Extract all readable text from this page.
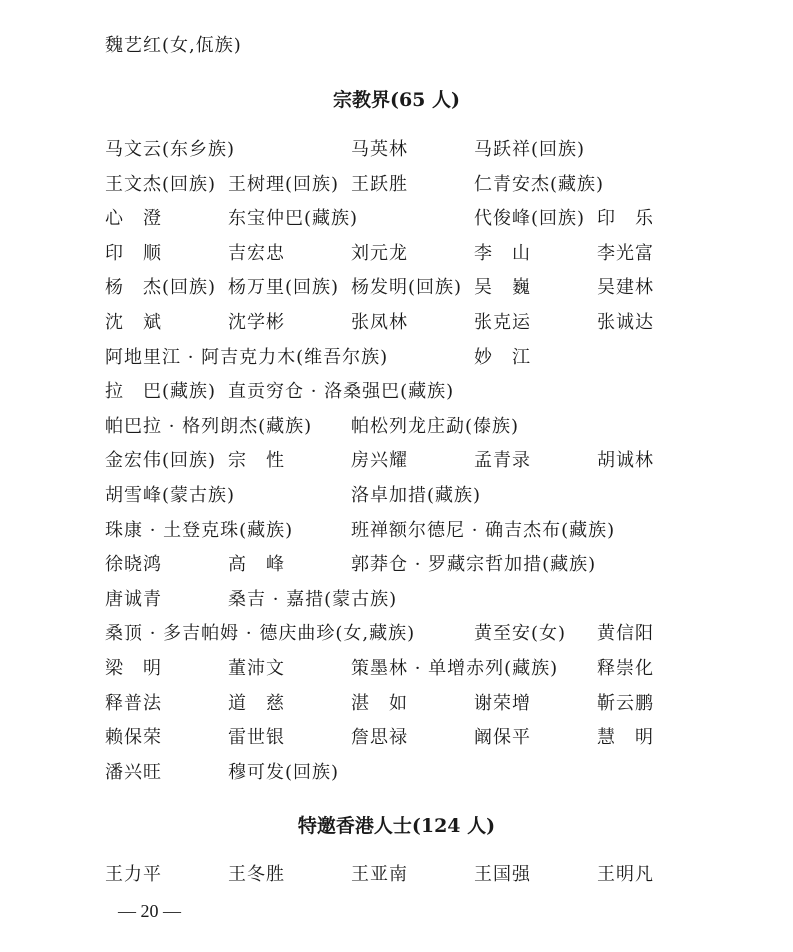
魏艺红(女,佤族)
宗教界(65 人)
马文云(东乡族)	马英林	马跃祥(回族)
王文杰(回族) 王树理(回族) 王跃胜	仁青安杰(藏族)
心　澄	东宝仲巴(藏族)	代俊峰(回族) 印　乐
印　顺	吉宏忠	刘元龙	李　山	李光富
杨　杰(回族) 杨万里(回族) 杨发明(回族) 吴　巍	吴建林
沈　斌	沈学彬	张凤林	张克运	张诚达
阿地里江 · 阿吉克力木(维吾尔族)	妙　江
拉　巴(藏族) 直贡穷仓 · 洛桑强巴(藏族)
帕巴拉 · 格列朗杰(藏族) 帕松列龙庄勐(傣族)
金宏伟(回族) 宗　性	房兴耀	孟青录	胡诚林
胡雪峰(蒙古族)	洛卓加措(藏族)
珠康 · 土登克珠(藏族)	班禅额尔德尼 · 确吉杰布(藏族)
徐晓鸿	高　峰	郭莽仓 · 罗藏宗哲加措(藏族)
唐诚青	桑吉 · 嘉措(蒙古族)
桑顶 · 多吉帕姆 · 德庆曲珍(女,藏族)	黄至安(女) 黄信阳
梁　明	董沛文	策墨林 · 单增赤列(藏族) 释崇化
释普法	道　慈	湛　如	谢荣增	靳云鹏
赖保荣	雷世银	詹思禄	阚保平	慧　明
潘兴旺	穆可发(回族)
特邀香港人士(124 人)
王力平	王冬胜	王亚南	王国强	王明凡
— 20 —
